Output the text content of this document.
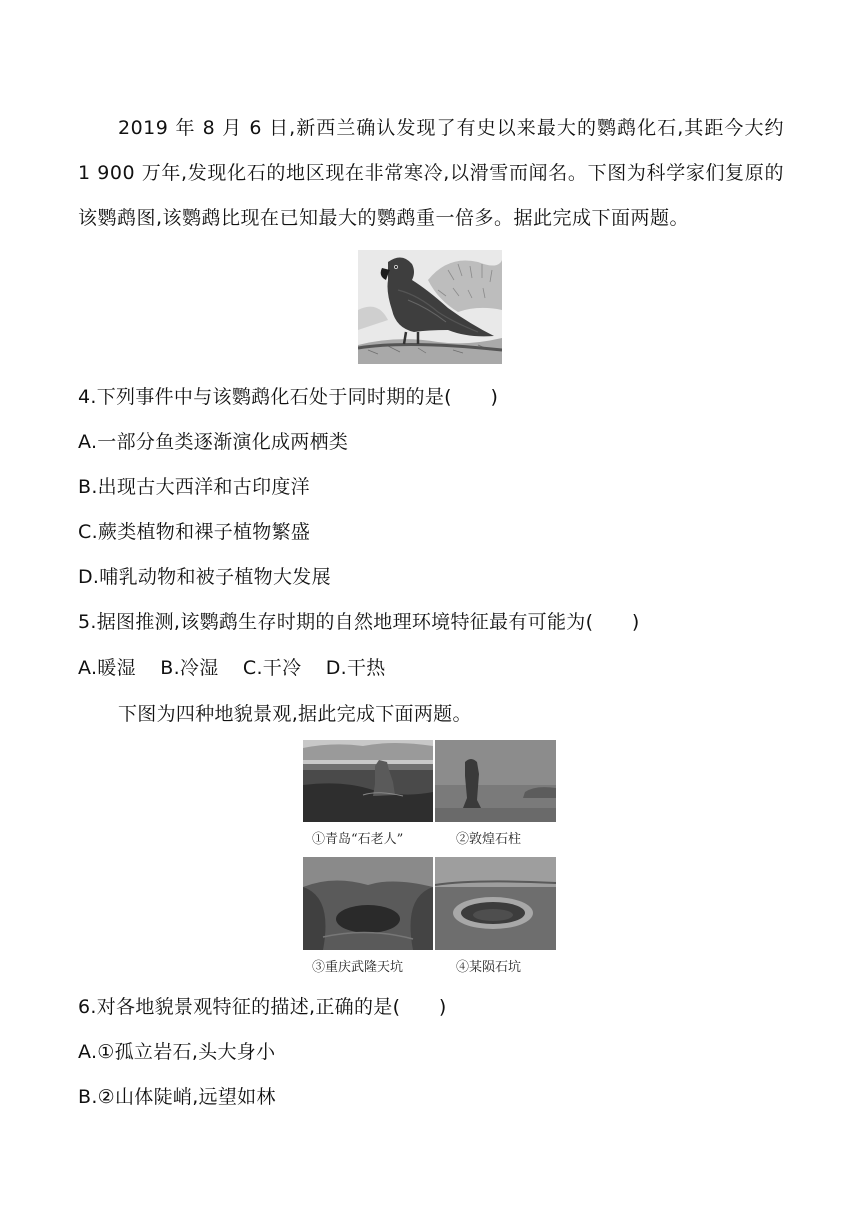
2019 年 8 月 6 日,新西兰确认发现了有史以来最大的鹦鹉化石,其距今大约 1 900 万年,发现化石的地区现在非常寒冷,以滑雪而闻名。下图为科学家们复原的该鹦鹉图,该鹦鹉比现在已知最大的鹦鹉重一倍多。据此完成下面两题。
4.下列事件中与该鹦鹉化石处于同时期的是(　　)
A.一部分鱼类逐渐演化成两栖类
B.出现古大西洋和古印度洋
C.蕨类植物和裸子植物繁盛
D.哺乳动物和被子植物大发展
5.据图推测,该鹦鹉生存时期的自然地理环境特征最有可能为(　　)
A.暖湿 B.冷湿 C.干冷 D.干热
下图为四种地貌景观,据此完成下面两题。
①青岛“石老人”	②敦煌石柱
③重庆武隆天坑	④某陨石坑
6.对各地貌景观特征的描述,正确的是(　　)
A.①孤立岩石,头大身小
B.②山体陡峭,远望如林
